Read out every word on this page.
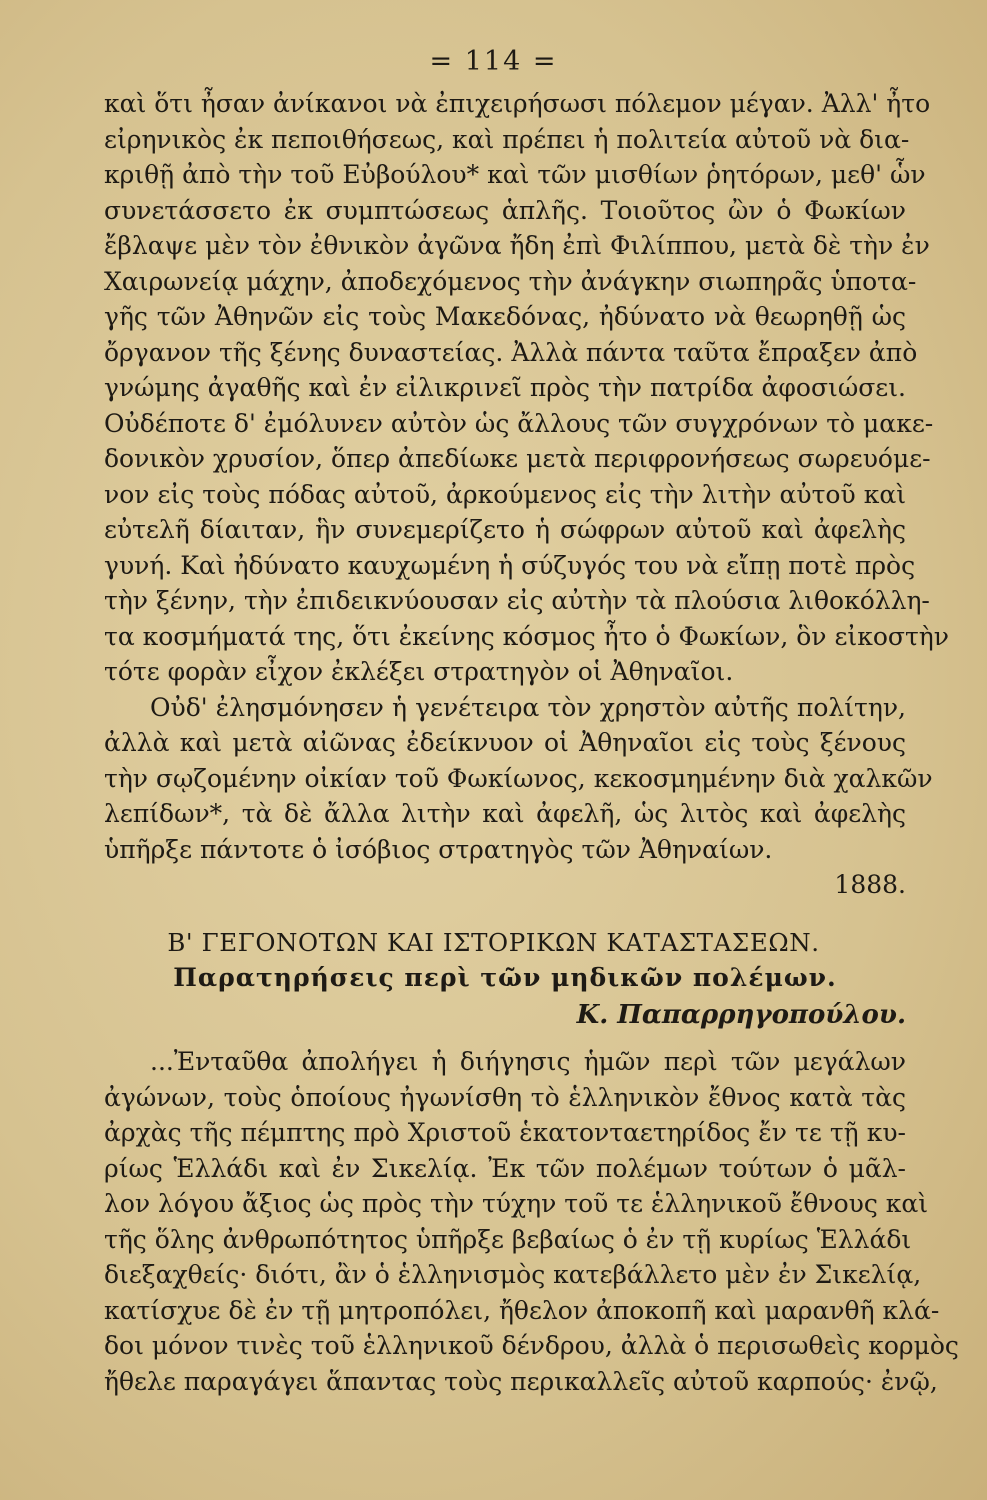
= 114 =
καὶ ὅτι ἦσαν ἀνίκανοι νὰ ἐπιχειρήσωσι πόλεμον μέγαν. Ἀλλ' ἦτο
εἰρηνικὸς ἐκ πεποιθήσεως, καὶ πρέπει ἡ πολιτεία αὐτοῦ νὰ δια-
κριθῇ ἀπὸ τὴν τοῦ Εὐβούλου* καὶ τῶν μισθίων ῥητόρων, μεθ' ὧν
συνετάσσετο ἐκ συμπτώσεως ἁπλῆς. Τοιοῦτος ὢν ὁ Φωκίων
ἔβλαψε μὲν τὸν ἐθνικὸν ἀγῶνα ἤδη ἐπὶ Φιλίππου, μετὰ δὲ τὴν ἐν
Χαιρωνείᾳ μάχην, ἀποδεχόμενος τὴν ἀνάγκην σιωπηρᾶς ὑποτα-
γῆς τῶν Ἀθηνῶν εἰς τοὺς Μακεδόνας, ἠδύνατο νὰ θεωρηθῇ ὡς
ὄργανον τῆς ξένης δυναστείας. Ἀλλὰ πάντα ταῦτα ἔπραξεν ἀπὸ
γνώμης ἀγαθῆς καὶ ἐν εἰλικρινεῖ πρὸς τὴν πατρίδα ἀφοσιώσει.
Οὐδέποτε δ' ἐμόλυνεν αὐτὸν ὡς ἄλλους τῶν συγχρόνων τὸ μακε-
δονικὸν χρυσίον, ὅπερ ἀπεδίωκε μετὰ περιφρονήσεως σωρευόμε-
νον εἰς τοὺς πόδας αὐτοῦ, ἀρκούμενος εἰς τὴν λιτὴν αὐτοῦ καὶ
εὐτελῆ δίαιταν, ἣν συνεμερίζετο ἡ σώφρων αὐτοῦ καὶ ἀφελὴς
γυνή. Καὶ ἠδύνατο καυχωμένη ἡ σύζυγός του νὰ εἴπῃ ποτὲ πρὸς
τὴν ξένην, τὴν ἐπιδεικνύουσαν εἰς αὐτὴν τὰ πλούσια λιθοκόλλη-
τα κοσμήματά της, ὅτι ἐκείνης κόσμος ἦτο ὁ Φωκίων, ὃν εἰκοστὴν
τότε φορὰν εἶχον ἐκλέξει στρατηγὸν οἱ Ἀθηναῖοι.
Οὐδ' ἐλησμόνησεν ἡ γενέτειρα τὸν χρηστὸν αὐτῆς πολίτην,
ἀλλὰ καὶ μετὰ αἰῶνας ἐδείκνυον οἱ Ἀθηναῖοι εἰς τοὺς ξένους
τὴν σῳζομένην οἰκίαν τοῦ Φωκίωνος, κεκοσμημένην διὰ χαλκῶν
λεπίδων*, τὰ δὲ ἄλλα λιτὴν καὶ ἀφελῆ, ὡς λιτὸς καὶ ἀφελὴς
ὑπῆρξε πάντοτε ὁ ἰσόβιος στρατηγὸς τῶν Ἀθηναίων.
1888.
Β' ΓΕΓΟΝΟΤΩΝ ΚΑΙ ΙΣΤΟΡΙΚΩΝ ΚΑΤΑΣΤΑΣΕΩΝ.
Παρατηρήσεις περὶ τῶν μηδικῶν πολέμων.
Κ. Παπαρρηγοπούλου.
...Ἐνταῦθα ἀπολήγει ἡ διήγησις ἡμῶν περὶ τῶν μεγάλων
ἀγώνων, τοὺς ὁποίους ἠγωνίσθη τὸ ἑλληνικὸν ἔθνος κατὰ τὰς
ἀρχὰς τῆς πέμπτης πρὸ Χριστοῦ ἑκατονταετηρίδος ἔν τε τῇ κυ-
ρίως Ἑλλάδι καὶ ἐν Σικελίᾳ. Ἐκ τῶν πολέμων τούτων ὁ μᾶλ-
λον λόγου ἄξιος ὡς πρὸς τὴν τύχην τοῦ τε ἑλληνικοῦ ἔθνους καὶ
τῆς ὅλης ἀνθρωπότητος ὑπῆρξε βεβαίως ὁ ἐν τῇ κυρίως Ἑλλάδι
διεξαχθείς· διότι, ἂν ὁ ἑλληνισμὸς κατεβάλλετο μὲν ἐν Σικελίᾳ,
κατίσχυε δὲ ἐν τῇ μητροπόλει, ἤθελον ἀποκοπῆ καὶ μαρανθῆ κλά-
δοι μόνον τινὲς τοῦ ἑλληνικοῦ δένδρου, ἀλλὰ ὁ περισωθεὶς κορμὸς
ἤθελε παραγάγει ἅπαντας τοὺς περικαλλεῖς αὐτοῦ καρπούς· ἐνῷ,
